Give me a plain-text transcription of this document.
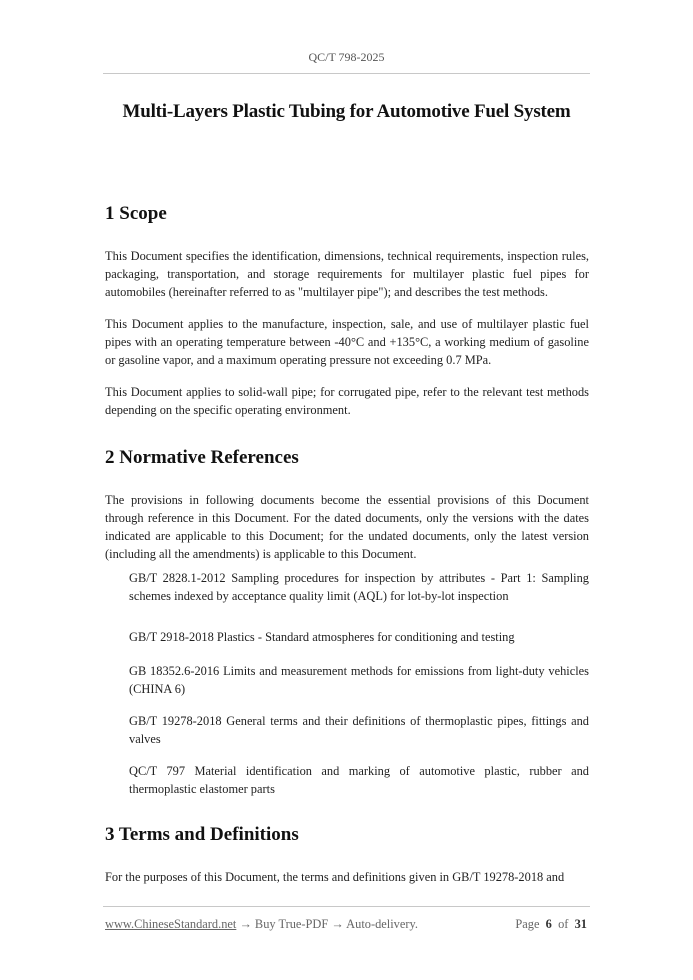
QC/T 798-2025
Multi-Layers Plastic Tubing for Automotive Fuel System
1 Scope

This Document specifies the identification, dimensions, technical requirements, inspection rules, packaging, transportation, and storage requirements for multilayer plastic fuel pipes for automobiles (hereinafter referred to as "multilayer pipe"); and describes the test methods.

This Document applies to the manufacture, inspection, sale, and use of multilayer plastic fuel pipes with an operating temperature between -40°C and +135°C, a working medium of gasoline or gasoline vapor, and a maximum operating pressure not exceeding 0.7 MPa.

This Document applies to solid-wall pipe; for corrugated pipe, refer to the relevant test methods depending on the specific operating environment.

2 Normative References

The provisions in following documents become the essential provisions of this Document through reference in this Document. For the dated documents, only the versions with the dates indicated are applicable to this Document; for the undated documents, only the latest version (including all the amendments) is applicable to this Document.

GB/T 2828.1-2012 Sampling procedures for inspection by attributes - Part 1: Sampling schemes indexed by acceptance quality limit (AQL) for lot-by-lot inspection

GB/T 2918-2018 Plastics - Standard atmospheres for conditioning and testing

GB 18352.6-2016 Limits and measurement methods for emissions from light-duty vehicles (CHINA 6)

GB/T 19278-2018 General terms and their definitions of thermoplastic pipes, fittings and valves

QC/T 797 Material identification and marking of automotive plastic, rubber and thermoplastic elastomer parts

3 Terms and Definitions

For the purposes of this Document, the terms and definitions given in GB/T 19278-2018 and

www.ChineseStandard.net → Buy True-PDF → Auto-delivery.	Page 6 of 31
